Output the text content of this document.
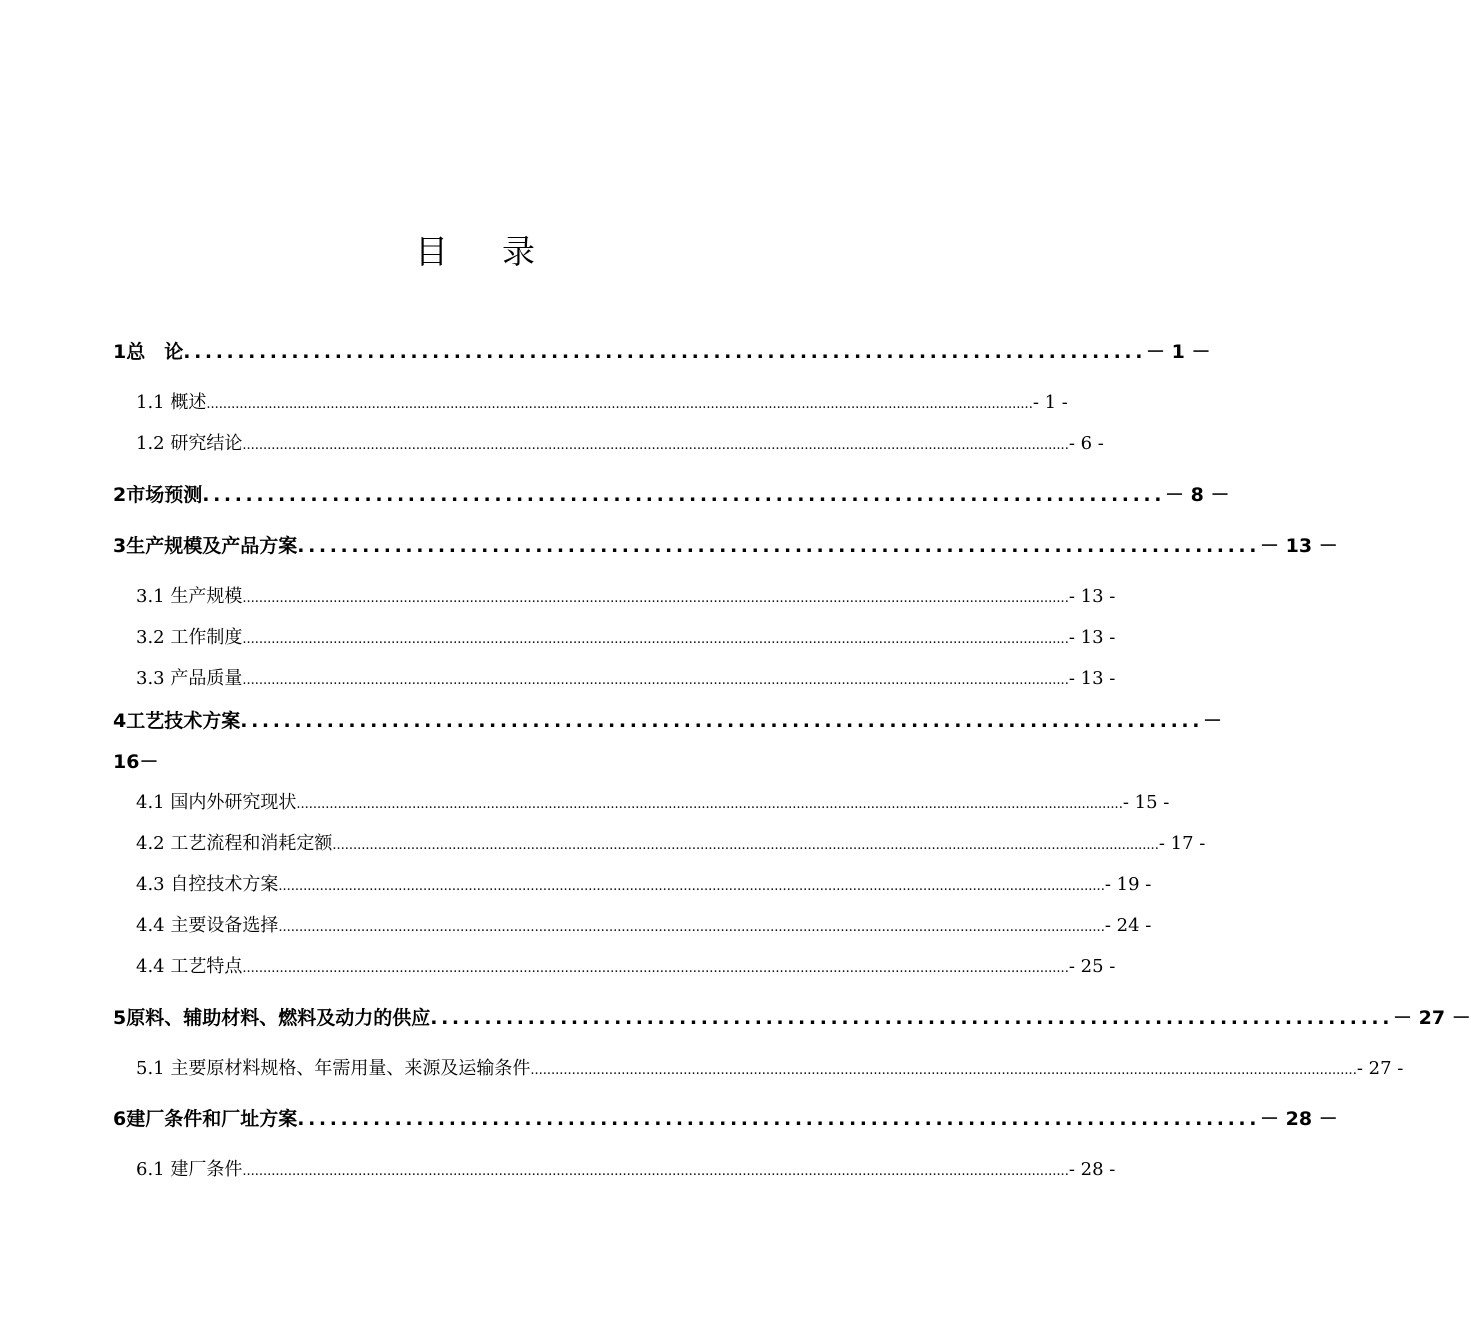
目 录
1 总　论 ......................................................................................... － 1 －
1.1 概述 ........................................................................................................................................................................................................ - 1 -
1.2 研究结论 ........................................................................................................................................................................................................ - 6 -
2 市场预测 ......................................................................................... － 8 －
3 生产规模及产品方案 ......................................................................................... － 13 －
3.1 生产规模 ........................................................................................................................................................................................................ - 13 -
3.2 工作制度 ........................................................................................................................................................................................................ - 13 -
3.3 产品质量 ........................................................................................................................................................................................................ - 13 -
4 工艺技术方案 ......................................................................................... －
16－
4.1 国内外研究现状 ........................................................................................................................................................................................................ - 15 -
4.2 工艺流程和消耗定额 ........................................................................................................................................................................................................ - 17 -
4.3 自控技术方案 ........................................................................................................................................................................................................ - 19 -
4.4 主要设备选择 ........................................................................................................................................................................................................ - 24 -
4.4 工艺特点 ........................................................................................................................................................................................................ - 25 -
5 原料、辅助材料、燃料及动力的供应 ......................................................................................... － 27 －
5.1 主要原材料规格、年需用量、来源及运输条件 ........................................................................................................................................................................................................ - 27 -
6 建厂条件和厂址方案 ......................................................................................... － 28 －
6.1 建厂条件 ........................................................................................................................................................................................................ - 28 -
